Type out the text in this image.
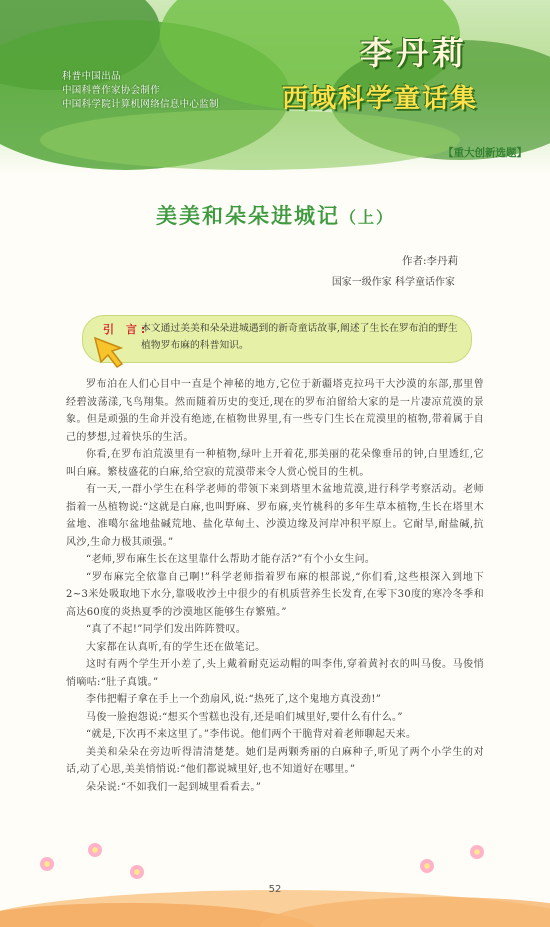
科普中国出品
中国科普作家协会制作
中国科学院计算机网络信息中心监制
李丹莉
西域科学童话集
【重大创新选题】
美美和朵朵进城记（上）
作者:李丹莉
国家一级作家 科学童话作家
引 言:
本文通过美美和朵朵进城遇到的新奇童话故事,阐述了生长在罗布泊的野生植物罗布麻的科普知识。

罗布泊在人们心目中一直是个神秘的地方,它位于新疆塔克拉玛干大沙漠的东部,那里曾经碧波荡漾,飞鸟翔集。然而随着历史的变迁,现在的罗布泊留给大家的是一片凄凉荒漠的景象。但是顽强的生命并没有绝迹,在植物世界里,有一些专门生长在荒漠里的植物,带着属于自己的梦想,过着快乐的生活。

你看,在罗布泊荒漠里有一种植物,绿叶上开着花,那美丽的花朵像垂吊的钟,白里透红,它叫白麻。繁枝盛花的白麻,给空寂的荒漠带来令人赏心悦目的生机。

有一天,一群小学生在科学老师的带领下来到塔里木盆地荒漠,进行科学考察活动。老师指着一丛植物说:“这就是白麻,也叫野麻、罗布麻,夹竹桃科的多年生草本植物,生长在塔里木盆地、准噶尔盆地盐碱荒地、盐化草甸土、沙漠边缘及河岸冲积平原上。它耐旱,耐盐碱,抗风沙,生命力极其顽强。”

“老师,罗布麻生长在这里靠什么帮助才能存活?”有个小女生问。

“罗布麻完全依靠自己啊!”科学老师指着罗布麻的根部说,“你们看,这些根深入到地下2~3米处吸取地下水分,靠吸收沙土中很少的有机质营养生长发育,在零下30度的寒冷冬季和高达60度的炎热夏季的沙漠地区能够生存繁殖。”

“真了不起!”同学们发出阵阵赞叹。

大家都在认真听,有的学生还在做笔记。

这时有两个学生开小差了,头上戴着耐克运动帽的叫李伟,穿着黄衬衣的叫马俊。马俊悄悄嘀咕:“肚子真饿。”

李伟把帽子拿在手上一个劲扇风,说:“热死了,这个鬼地方真没劲!”

马俊一脸抱怨说:“想买个雪糕也没有,还是咱们城里好,要什么有什么。”

“就是,下次再不来这里了。”李伟说。他们两个干脆背对着老师聊起天来。

美美和朵朵在旁边听得清清楚楚。她们是两颗秀丽的白麻种子,听见了两个小学生的对话,动了心思,美美悄悄说:“他们都说城里好,也不知道好在哪里。”

朵朵说:“不如我们一起到城里看看去。”

52
